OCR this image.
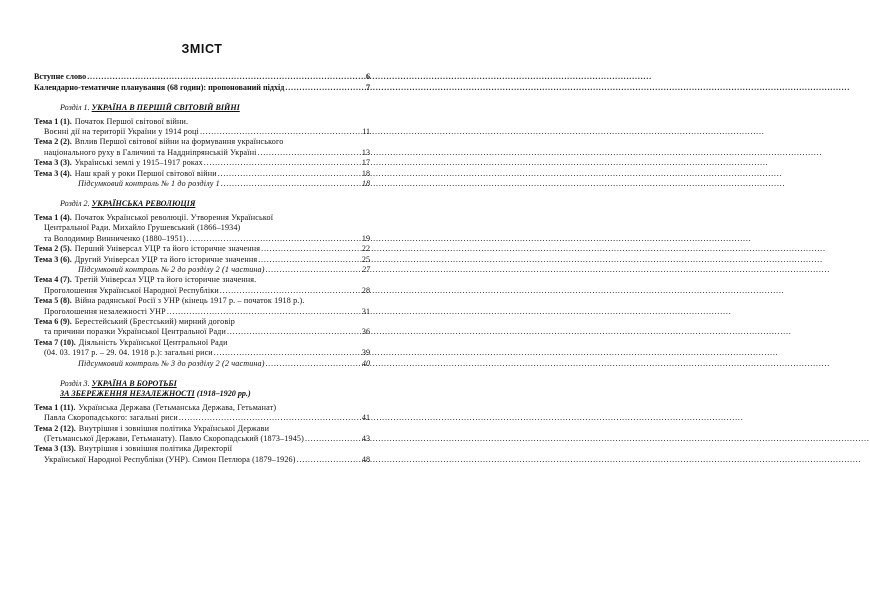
ЗМІСТ
Вступне слово .....	6
Календарно-тематичне планування (68 годин): пропонований підхід .....	7
Розділ 1. УКРАЇНА В ПЕРШІЙ СВІТОВІЙ ВІЙНІ
Тема 1 (1). Початок Першої світової війни.
Воєнні дії на території України у 1914 році .....	11
Тема 2 (2). Вплив Першої світової війни на формування українського
національного руху в Галичині та Наддніпрянській Україні .....	13
Тема 3 (3). Українські землі у 1915–1917 роках .....	17
Тема 3 (4). Наш край у роки Першої світової війни .....	18
Підсумковий контроль № 1 до розділу 1 .....	18
Розділ 2. УКРАЇНСЬКА РЕВОЛЮЦІЯ
Тема 1 (4). Початок Української революції. Утворення Української
Центральної Ради. Михайло Грушевський (1866–1934)
та Володимир Винниченко (1880–1951) .....	19
Тема 2 (5). Перший Універсал УЦР та його історичне значення .....	22
Тема 3 (6). Другий Універсал УЦР та його історичне значення .....	25
Підсумковий контроль № 2 до розділу 2 (1 частина) .....	27
Тема 4 (7). Третій Універсал УЦР та його історичне значення.
Проголошення Української Народної Республіки .....	28
Тема 5 (8). Війна радянської Росії з УНР (кінець 1917 р. – початок 1918 р.).
Проголошення незалежності УНР .....	31
Тема 6 (9). Берестейський (Брестський) мирний договір
та причини поразки Української Центральної Ради .....	36
Тема 7 (10). Діяльність Української Центральної Ради
(04. 03. 1917 р. – 29. 04. 1918 р.): загальні риси .....	39
Підсумковий контроль № 3 до розділу 2 (2 частина) .....	40
Розділ 3. УКРАЇНА В БОРОТЬБІ
ЗА ЗБЕРЕЖЕННЯ НЕЗАЛЕЖНОСТІ (1918–1920 рр.)
Тема 1 (11). Українська Держава (Гетьманська Держава, Гетьманат)
Павла Скоропадського: загальні риси .....	41
Тема 2 (12). Внутрішня і зовнішня політика Української Держави
(Гетьманської Держави, Гетьманату). Павло Скоропадський (1873–1945) .....	43
Тема 3 (13). Внутрішня і зовнішня політика Директорії
Української Народної Республіки (УНР). Симон Петлюра (1879–1926) .....	48
